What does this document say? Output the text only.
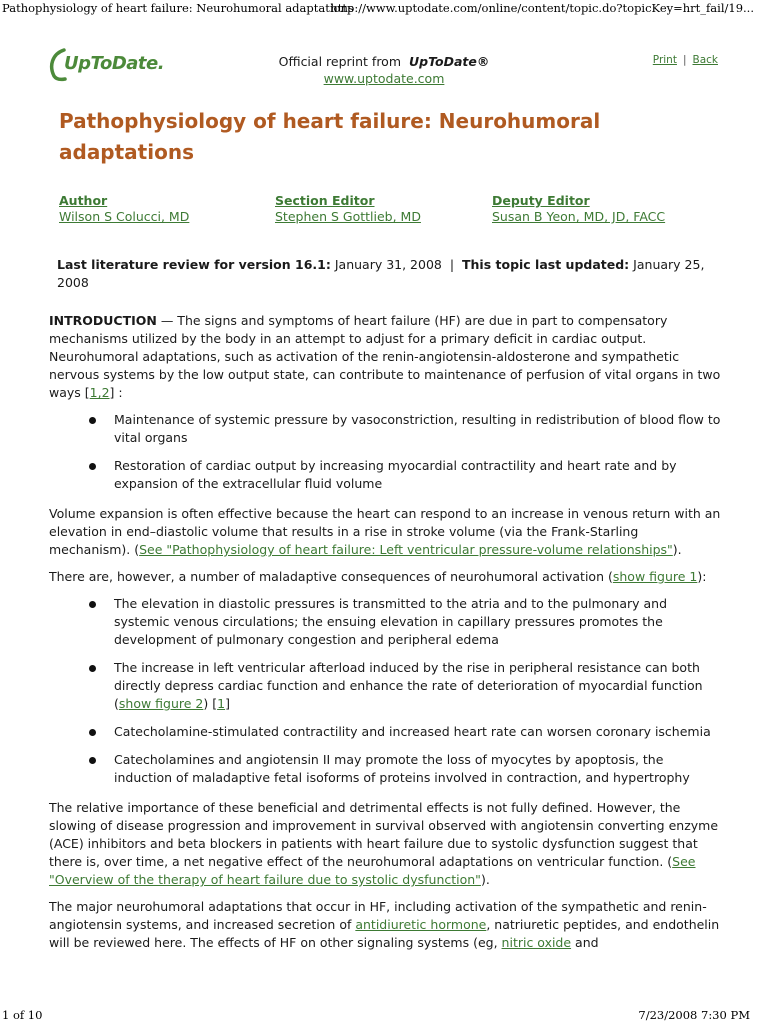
Pathophysiology of heart failure: Neurohumoral adaptations
http://www.uptodate.com/online/content/topic.do?topicKey=hrt_fail/19...
UpToDate.	Official reprint from UpToDate®
www.uptodate.com
Print | Back
Pathophysiology of heart failure: Neurohumoral adaptations
Author
Wilson S Colucci, MD
Section Editor
Stephen S Gottlieb, MD
Deputy Editor
Susan B Yeon, MD, JD, FACC
Last literature review for version 16.1: January 31, 2008 | This topic last updated: January 25, 2008

INTRODUCTION — The signs and symptoms of heart failure (HF) are due in part to compensatory mechanisms utilized by the body in an attempt to adjust for a primary deficit in cardiac output. Neurohumoral adaptations, such as activation of the renin-angiotensin-aldosterone and sympathetic nervous systems by the low output state, can contribute to maintenance of perfusion of vital organs in two ways [1,2] :

Maintenance of systemic pressure by vasoconstriction, resulting in redistribution of blood flow to vital organs
Restoration of cardiac output by increasing myocardial contractility and heart rate and by expansion of the extracellular fluid volume

Volume expansion is often effective because the heart can respond to an increase in venous return with an elevation in end–diastolic volume that results in a rise in stroke volume (via the Frank-Starling mechanism). (See "Pathophysiology of heart failure: Left ventricular pressure-volume relationships").

There are, however, a number of maladaptive consequences of neurohumoral activation (show figure 1):

The elevation in diastolic pressures is transmitted to the atria and to the pulmonary and systemic venous circulations; the ensuing elevation in capillary pressures promotes the development of pulmonary congestion and peripheral edema
The increase in left ventricular afterload induced by the rise in peripheral resistance can both directly depress cardiac function and enhance the rate of deterioration of myocardial function (show figure 2) [1]
Catecholamine-stimulated contractility and increased heart rate can worsen coronary ischemia
Catecholamines and angiotensin II may promote the loss of myocytes by apoptosis, the induction of maladaptive fetal isoforms of proteins involved in contraction, and hypertrophy

The relative importance of these beneficial and detrimental effects is not fully defined. However, the slowing of disease progression and improvement in survival observed with angiotensin converting enzyme (ACE) inhibitors and beta blockers in patients with heart failure due to systolic dysfunction suggest that there is, over time, a net negative effect of the neurohumoral adaptations on ventricular function. (See "Overview of the therapy of heart failure due to systolic dysfunction").

The major neurohumoral adaptations that occur in HF, including activation of the sympathetic and renin-angiotensin systems, and increased secretion of antidiuretic hormone, natriuretic peptides, and endothelin will be reviewed here. The effects of HF on other signaling systems (eg, nitric oxide and

1 of 10	7/23/2008 7:30 PM
